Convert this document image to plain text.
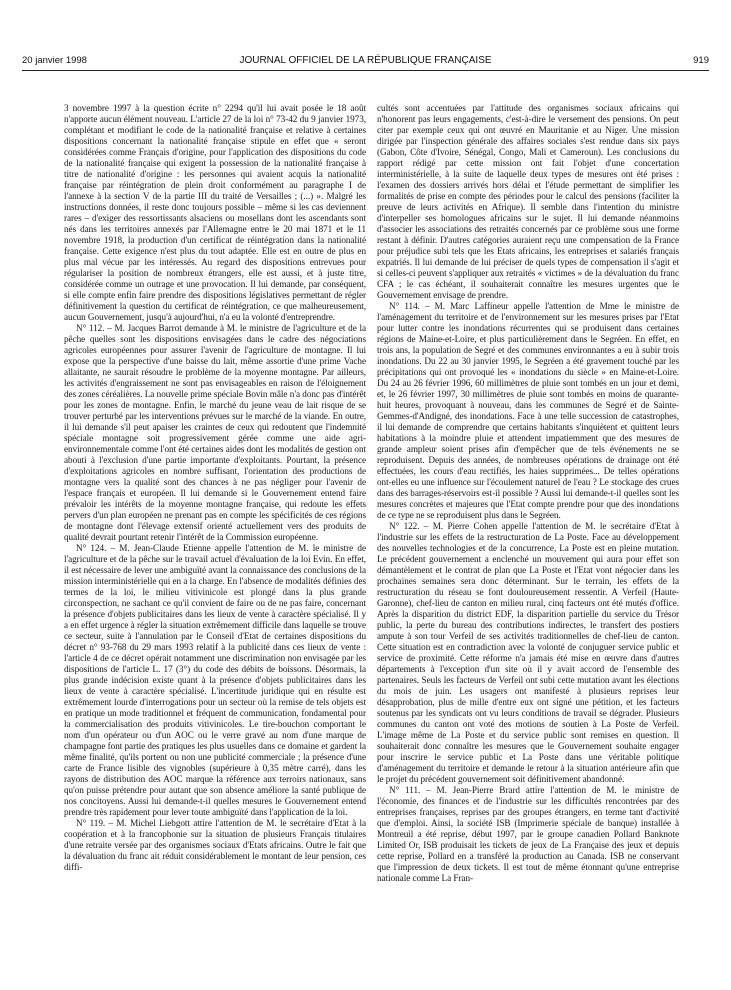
20 janvier 1998	JOURNAL OFFICIEL DE LA RÉPUBLIQUE FRANÇAISE	919

3 novembre 1997 à la question écrite n° 2294 qu'il lui avait posée le 18 août n'apporte aucun élément nouveau. L'article 27 de la loi n° 73-42 du 9 janvier 1973, complétant et modifiant le code de la nationalité française et relative à certaines dispositions concernant la nationalité française stipule en effet que « seront considérées comme Français d'origine, pour l'application des dispositions du code de la nationalité française qui exigent la possession de la nationalité française à titre de nationalité d'origine : les personnes qui avaient acquis la nationalité française par réintégration de plein droit conformément au paragraphe I de l'annexe à la section V de la partie III du traité de Versailles ; (...) ». Malgré les instructions données, il reste donc toujours possible – même si les cas deviennent rares – d'exiger des ressortissants alsaciens ou mosellans dont les ascendants sont nés dans les territoires annexés par l'Allemagne entre le 20 mai 1871 et le 11 novembre 1918, la production d'un certificat de réintégration dans la nationalité française. Cette exigence n'est plus du tout adaptée. Elle est en outre de plus en plus mal vécue par les intéressés. Au regard des dispositions entrevues pour régulariser la position de nombreux étrangers, elle est aussi, et à juste titre, considérée comme un outrage et une provocation. Il lui demande, par conséquent, si elle compte enfin faire prendre des dispositions législatives permettant de régler définitivement la question du certificat de réintégration, ce que malheureusement, aucun Gouvernement, jusqu'à aujourd'hui, n'a eu la volonté d'entreprendre.

N° 112. – M. Jacques Barrot demande à M. le ministre de l'agriculture et de la pêche quelles sont les dispositions envisagées dans le cadre des négociations agricoles européennes pour assurer l'avenir de l'agriculture de montagne. Il lui expose que la perspective d'une baisse du lait, même assortie d'une prime Vache allaitante, ne saurait résoudre le problème de la moyenne montagne. Par ailleurs, les activités d'engraissement ne sont pas envisageables en raison de l'éloignement des zones céréalières. La nouvelle prime spéciale Bovin mâle n'a donc pas d'intérêt pour les zones de montagne. Enfin, le marché du jeune veau de lait risque de se trouver perturbé par les interventions prévues sur le marché de la viande. En outre, il lui demande s'il peut apaiser les craintes de ceux qui redoutent que l'indemnité spéciale montagne soit progressivement gérée comme une aide agri-environnementale comme l'ont été certaines aides dont les modalités de gestion ont abouti à l'exclusion d'une partie importante d'exploitants. Pourtant, la présence d'exploitations agricoles en nombre suffisant, l'orientation des productions de montagne vers la qualité sont des chances à ne pas négliger pour l'avenir de l'espace français et européen. Il lui demande si le Gouvernement entend faire prévaloir les intérêts de la moyenne montagne française, qui redoute les effets pervers d'un plan européen ne prenant pas en compte les spécificités de ces régions de montagne dont l'élevage extensif orienté actuellement vers des produits de qualité devrait pourtant retenir l'intérêt de la Commission européenne.

N° 124. – M. Jean-Claude Etienne appelle l'attention de M. le ministre de l'agriculture et de la pêche sur le travail actuel d'évaluation de la loi Evin. En effet, il est nécessaire de lever une ambiguïté avant la connaissance des conclusions de la mission interministérielle qui en a la charge. En l'absence de modalités définies des termes de la loi, le milieu vitivinicole est plongé dans la plus grande circonspection, ne sachant ce qu'il convient de faire ou de ne pas faire, concernant la présence d'objets publicitaires dans les lieux de vente à caractère spécialisé. Il y a en effet urgence à régler la situation extrêmement difficile dans laquelle se trouve ce secteur, suite à l'annulation par le Conseil d'Etat de certaines dispositions du décret n° 93-768 du 29 mars 1993 relatif à la publicité dans ces lieux de vente : l'article 4 de ce décret opérait notamment une discrimination non envisagée par les dispositions de l'article L. 17 (3°) du code des débits de boissons. Désormais, la plus grande indécision existe quant à la présence d'objets publicitaires dans les lieux de vente à caractère spécialisé. L'incertitude juridique qui en résulte est extrêmement lourde d'interrogations pour un secteur où la remise de tels objets est en pratique un mode traditionnel et fréquent de communication, fondamental pour la commercialisation des produits vitivinicoles. Le tire-bouchon comportant le nom d'un opérateur ou d'un AOC ou le verre gravé au nom d'une marque de champagne font partie des pratiques les plus usuelles dans ce domaine et gardent la même finalité, qu'ils portent ou non une publicité commerciale ; la présence d'une carte de France lisible des vignobles (supérieure à 0,35 mètre carré), dans les rayons de distribution des AOC marque la référence aux terroirs nationaux, sans qu'on puisse prétendre pour autant que son absence améliore la santé publique de nos concitoyens. Aussi lui demande-t-il quelles mesures le Gouvernement entend prendre très rapidement pour lever toute ambiguïté dans l'application de la loi.

N° 119. – M. Michel Liebgott attire l'attention de M. le secrétaire d'Etat à la coopération et à la francophonie sur la situation de plusieurs Français titulaires d'une retraite versée par des organismes sociaux d'Etats africains. Outre le fait que la dévaluation du franc ait réduit considérablement le montant de leur pension, ces diffi-

cultés sont accentuées par l'attitude des organismes sociaux africains qui n'honorent pas leurs engagements, c'est-à-dire le versement des pensions. On peut citer par exemple ceux qui ont œuvré en Mauritanie et au Niger. Une mission dirigée par l'inspection générale des affaires sociales s'est rendue dans six pays (Gabon, Côte d'Ivoire, Sénégal, Congo, Mali et Cameroun). Les conclusions du rapport rédigé par cette mission ont fait l'objet d'une concertation interministérielle, à la suite de laquelle deux types de mesures ont été prises : l'examen des dossiers arrivés hors délai et l'étude permettant de simplifier les formalités de prise en compte des périodes pour le calcul des pensions (faciliter la preuve de leurs activités en Afrique). Il semble dans l'intention du ministre d'interpeller ses homologues africains sur le sujet. Il lui demande néanmoins d'associer les associations des retraités concernés par ce problème sous une forme restant à définir. D'autres catégories auraient reçu une compensation de la France pour préjudice subi tels que les Etats africains, les entreprises et salariés français expatriés. Il lui demande de lui préciser de quels types de compensation il s'agit et si celles-ci peuvent s'appliquer aux retraités « victimes » de la dévaluation du franc CFA ; le cas échéant, il souhaiterait connaître les mesures urgentes que le Gouvernement envisage de prendre.

N° 114. – M. Marc Laffineur appelle l'attention de Mme le ministre de l'aménagement du territoire et de l'environnement sur les mesures prises par l'Etat pour lutter contre les inondations récurrentes qui se produisent dans certaines régions de Maine-et-Loire, et plus particulièrement dans le Segréen. En effet, en trois ans, la population de Segré et des communes environnantes a eu à subir trois inondations. Du 22 au 30 janvier 1995, le Segréen a été gravement touché par les précipitations qui ont provoqué les « inondations du siècle » en Maine-et-Loire. Du 24 au 26 février 1996, 60 millimètres de pluie sont tombés en un jour et demi, et, le 26 février 1997, 30 millimètres de pluie sont tombés en moins de quarante-huit heures, provoquant à nouveau, dans les communes de Segré et de Sainte-Gemmes-d'Andigné, des inondations. Face à une telle succession de catastrophes, il lui demande de comprendre que certains habitants s'inquiètent et quittent leurs habitations à la moindre pluie et attendent impatiemment que des mesures de grande ampleur soient prises afin d'empêcher que de tels événements ne se reproduisent. Depuis des années, de nombreuses opérations de drainage ont été effectuées, les cours d'eau rectifiés, les haies supprimées... De telles opérations ont-elles eu une influence sur l'écoulement naturel de l'eau ? Le stockage des crues dans des barrages-réservoirs est-il possible ? Aussi lui demande-t-il quelles sont les mesures concrètes et majeures que l'Etat compte prendre pour que des inondations de ce type ne se reproduisent plus dans le Segréen.

N° 122. – M. Pierre Cohen appelle l'attention de M. le secrétaire d'Etat à l'industrie sur les effets de la restructuration de La Poste. Face au développement des nouvelles technologies et de la concurrence, La Poste est en pleine mutation. Le précédent gouvernement a enclenché un mouvement qui aura pour effet son démantèlement et le contrat de plan que La Poste et l'Etat vont négocier dans les prochaines semaines sera donc déterminant. Sur le terrain, les effets de la restructuration du réseau se font douloureusement ressentir. A Verfeil (Haute-Garonne), chef-lieu de canton en milieu rural, cinq facteurs ont été mutés d'office. Après la disparition du district EDF, la disparition partielle du service du Trésor public, la perte du bureau des contributions indirectes, le transfert des postiers ampute à son tour Verfeil de ses activités traditionnelles de chef-lieu de canton. Cette situation est en contradiction avec la volonté de conjuguer service public et service de proximité. Cette réforme n'a jamais été mise en œuvre dans d'autres départements à l'exception d'un site où il y avait accord de l'ensemble des partenaires. Seuls les facteurs de Verfeil ont subi cette mutation avant les élections du mois de juin. Les usagers ont manifesté à plusieurs reprises leur désapprobation, plus de mille d'entre eux ont signé une pétition, et les facteurs soutenus par les syndicats ont vu leurs conditions de travail se dégrader. Plusieurs communes du canton ont voté des motions de soutien à La Poste de Verfeil. L'image même de La Poste et du service public sont remises en question. Il souhaiterait donc connaître les mesures que le Gouvernement souhaite engager pour inscrire le service public et La Poste dans une véritable politique d'aménagement du territoire et demande le retour à la situation antérieure afin que le projet du précédent gouvernement soit définitivement abandonné.

N° 111. – M. Jean-Pierre Brard attire l'attention de M. le ministre de l'économie, des finances et de l'industrie sur les difficultés rencontrées par des entreprises françaises, reprises par des groupes étrangers, en terme tant d'activité que d'emploi. Ainsi, la société ISB (Imprimerie spéciale de banque) installée à Montreuil a été reprise, début 1997, par le groupe canadien Pollard Banknote Limited Or, ISB produisait les tickets de jeux de La Française des jeux et depuis cette reprise, Pollard en a transféré la production au Canada. ISB ne conservant que l'impression de deux tickets. Il est tout de même étonnant qu'une entreprise nationale comme La Fran-
